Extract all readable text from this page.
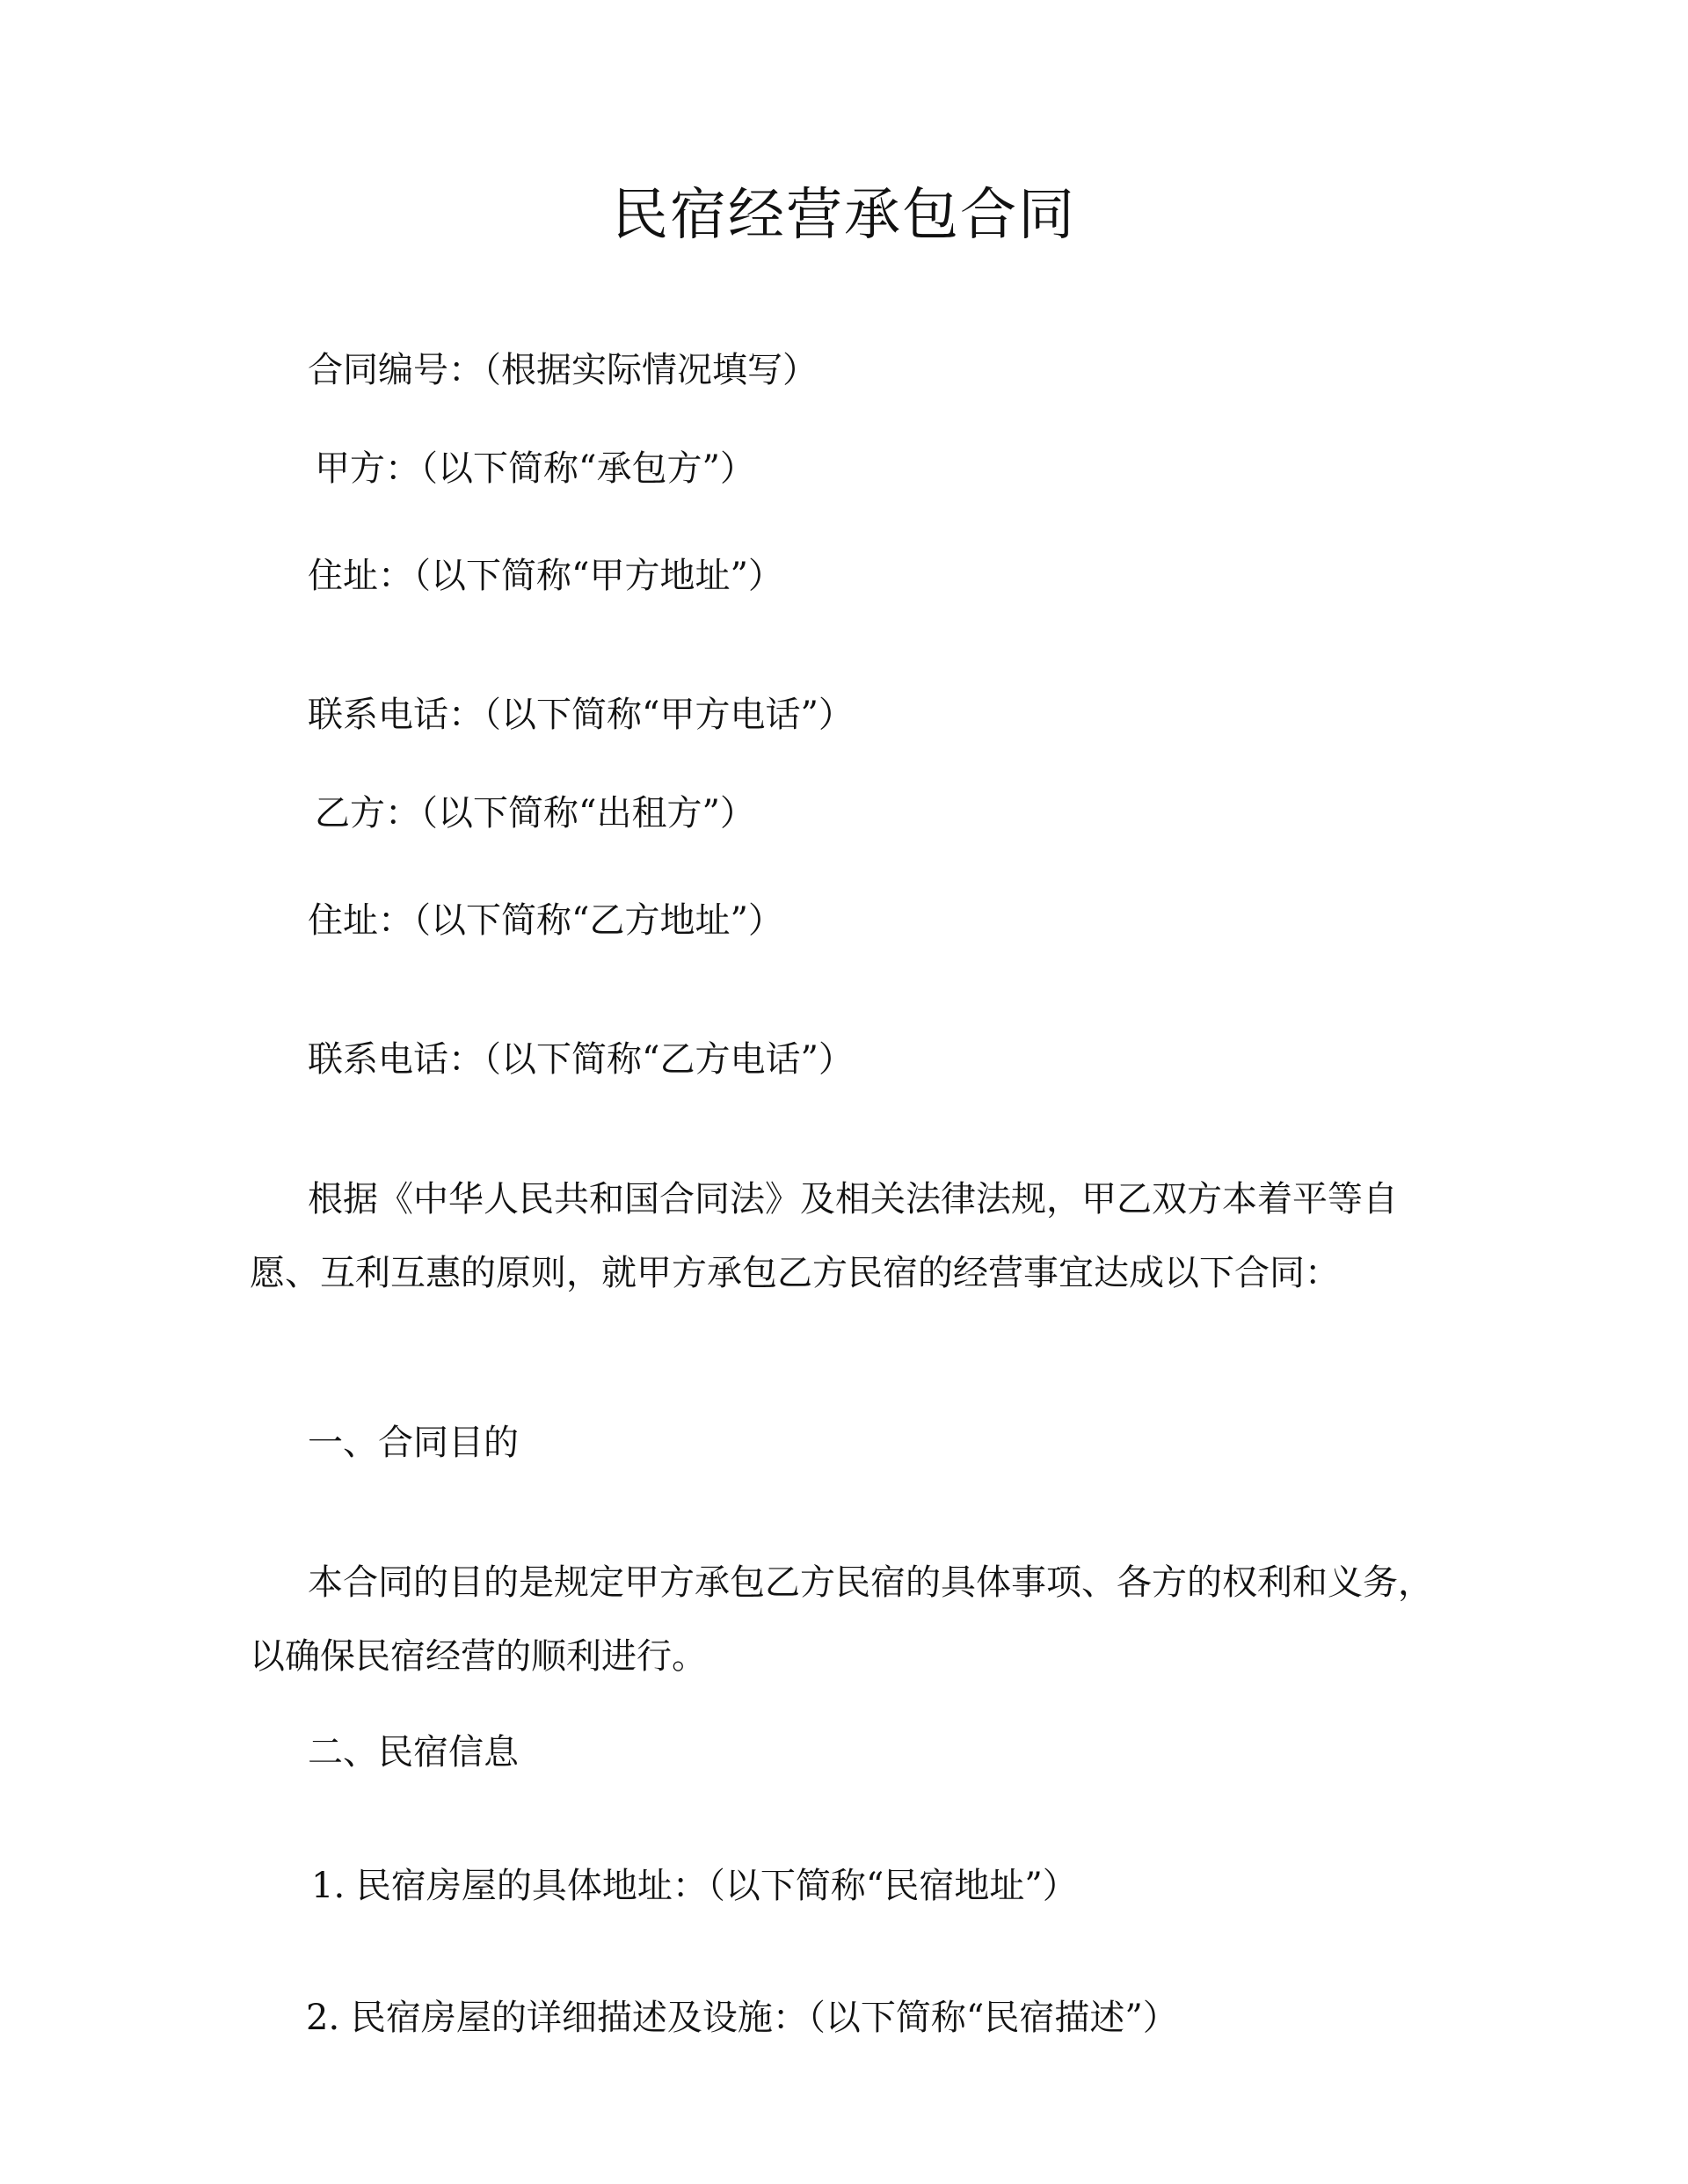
民宿经营承包合同
合同编号：（根据实际情况填写）
甲方：（以下简称“承包方”）
住址：（以下简称“甲方地址”）
联系电话：（以下简称“甲方电话”）
乙方：（以下简称“出租方”）
住址：（以下简称“乙方地址”）
联系电话：（以下简称“乙方电话”）
根据《中华人民共和国合同法》及相关法律法规，甲乙双方本着平等自愿、互利互惠的原则，就甲方承包乙方民宿的经营事宜达成以下合同：
一、合同目的
本合同的目的是规定甲方承包乙方民宿的具体事项、各方的权利和义务，以确保民宿经营的顺利进行。
二、民宿信息
1. 民宿房屋的具体地址：（以下简称“民宿地址”）
2. 民宿房屋的详细描述及设施：（以下简称“民宿描述”）
